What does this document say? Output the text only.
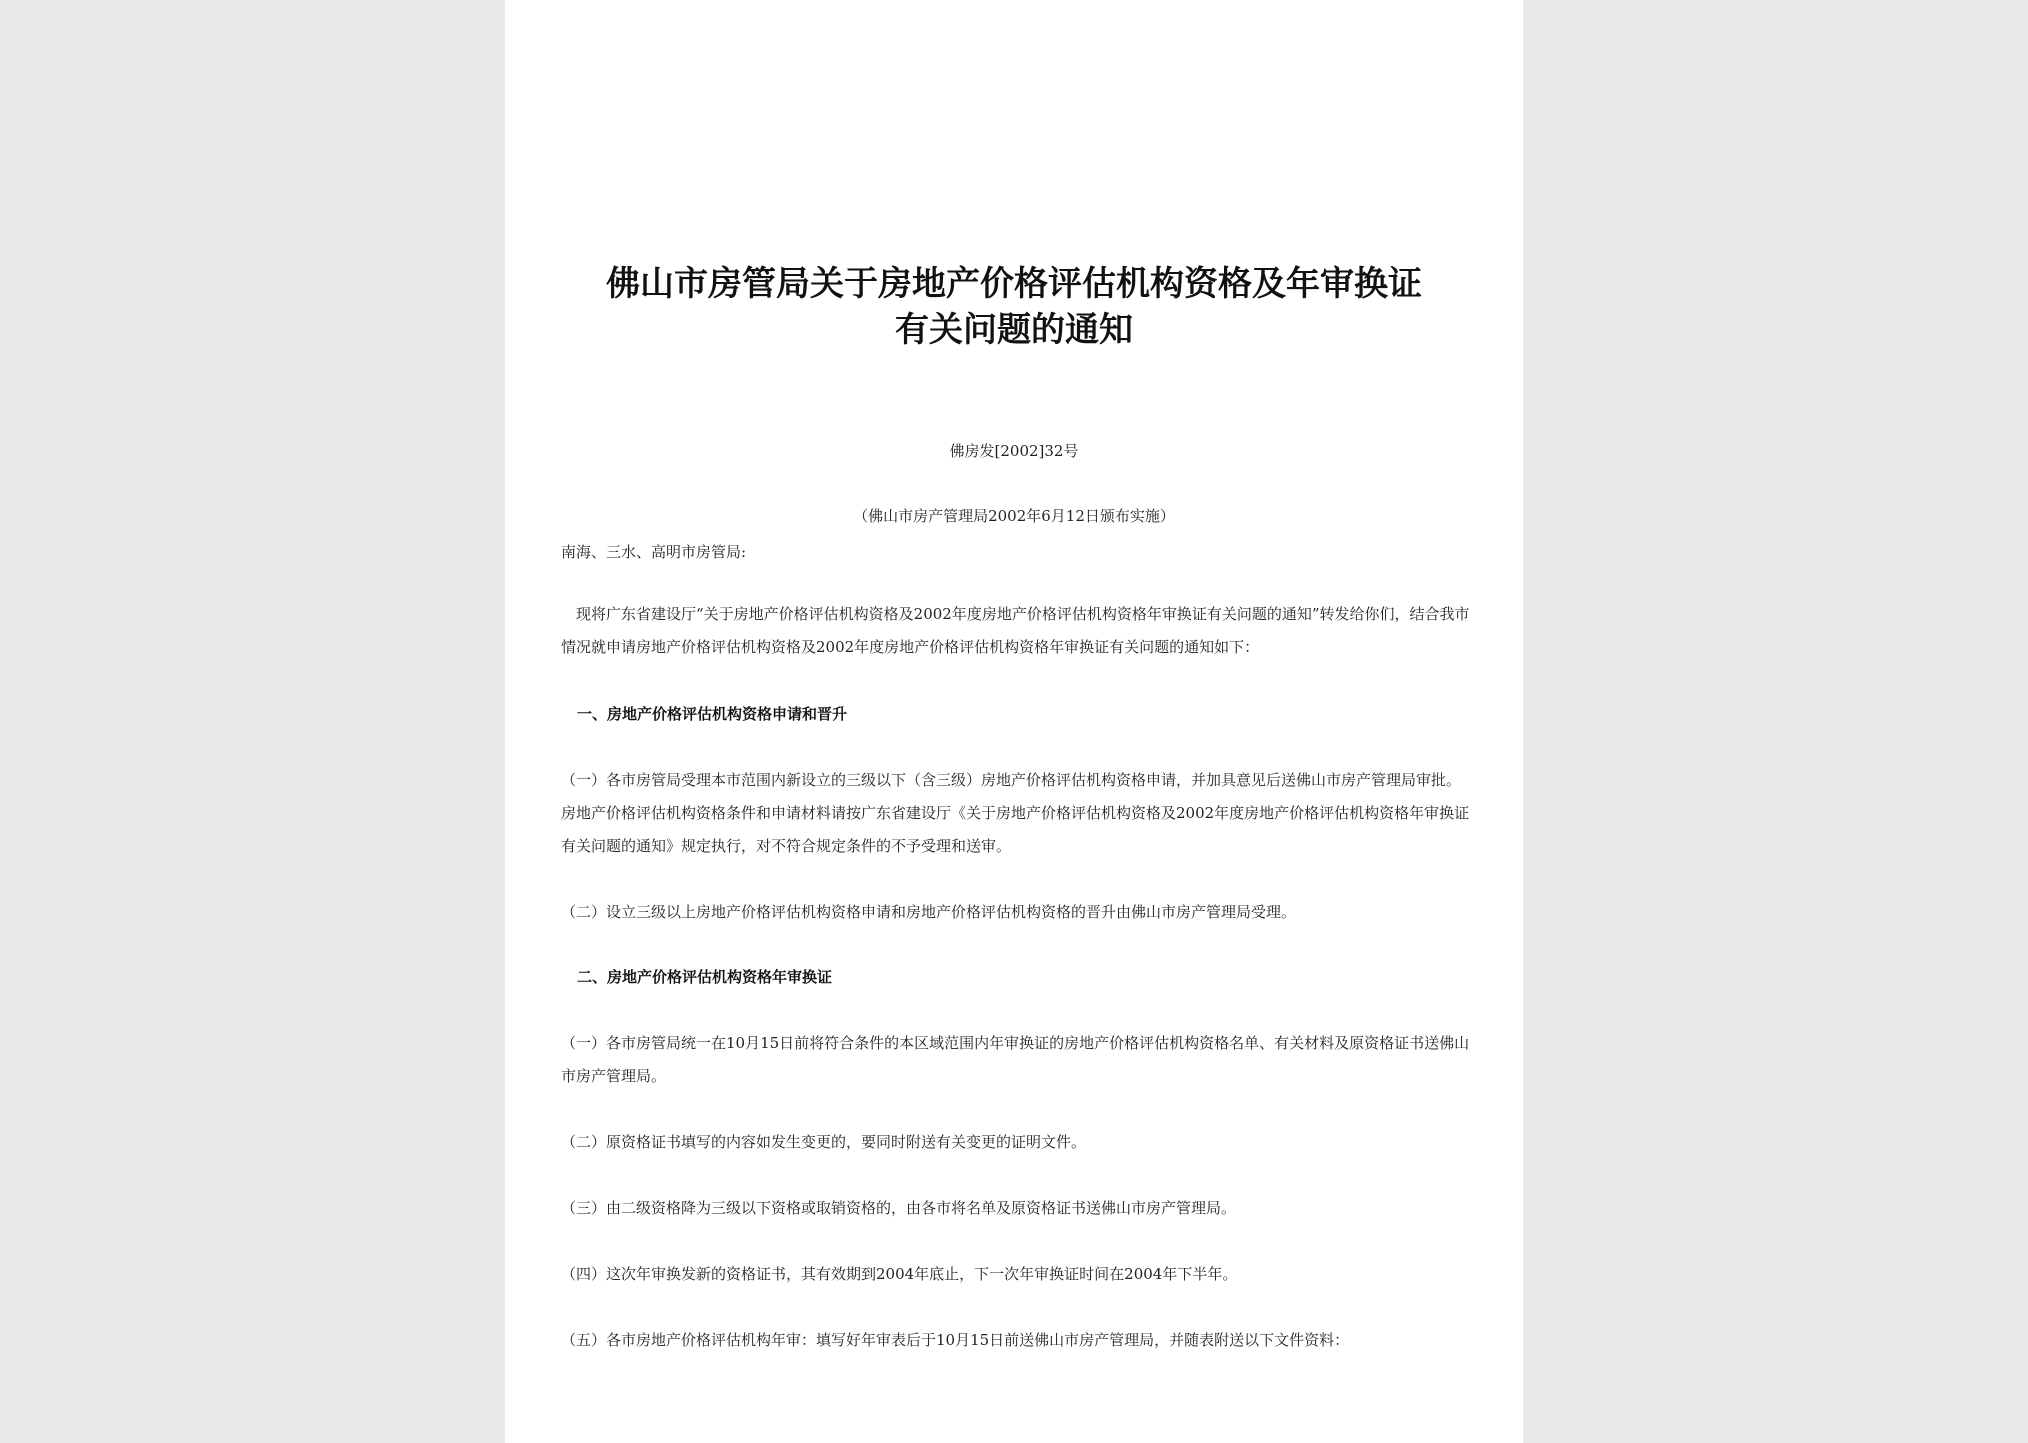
佛山市房管局关于房地产价格评估机构资格及年审换证
有关问题的通知
佛房发[2002]32号
（佛山市房产管理局2002年6月12日颁布实施）

南海、三水、高明市房管局:

　现将广东省建设厅“关于房地产价格评估机构资格及2002年度房地产价格评估机构资格年审换证有关问题的通知”转发给你们，结合我市情况就申请房地产价格评估机构资格及2002年度房地产价格评估机构资格年审换证有关问题的通知如下：

一、房地产价格评估机构资格申请和晋升

（一）各市房管局受理本市范围内新设立的三级以下（含三级）房地产价格评估机构资格申请，并加具意见后送佛山市房产管理局审批。房地产价格评估机构资格条件和申请材料请按广东省建设厅《关于房地产价格评估机构资格及2002年度房地产价格评估机构资格年审换证有关问题的通知》规定执行，对不符合规定条件的不予受理和送审。

（二）设立三级以上房地产价格评估机构资格申请和房地产价格评估机构资格的晋升由佛山市房产管理局受理。

二、房地产价格评估机构资格年审换证

（一）各市房管局统一在10月15日前将符合条件的本区域范围内年审换证的房地产价格评估机构资格名单、有关材料及原资格证书送佛山市房产管理局。

（二）原资格证书填写的内容如发生变更的，要同时附送有关变更的证明文件。

（三）由二级资格降为三级以下资格或取销资格的，由各市将名单及原资格证书送佛山市房产管理局。

（四）这次年审换发新的资格证书，其有效期到2004年底止，下一次年审换证时间在2004年下半年。

（五）各市房地产价格评估机构年审：填写好年审表后于10月15日前送佛山市房产管理局，并随表附送以下文件资料：
